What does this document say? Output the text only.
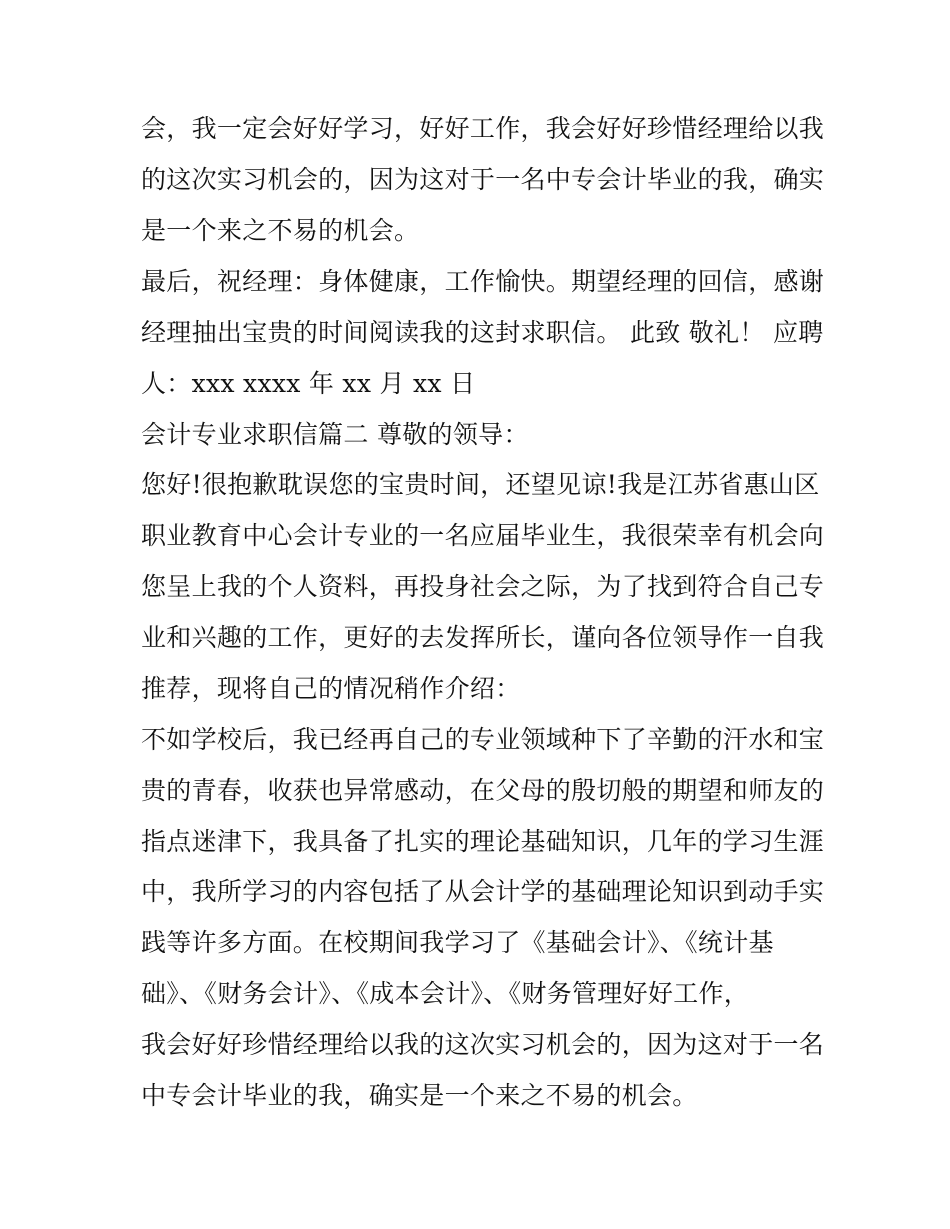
会，我一定会好好学习，好好工作，我会好好珍惜经理给以我
的这次实习机会的，因为这对于一名中专会计毕业的我，确实
是一个来之不易的机会。
最后，祝经理：身体健康，工作愉快。期望经理的回信，感谢
经理抽出宝贵的时间阅读我的这封求职信。 此致 敬礼！ 应聘
人：xxx xxxx 年 xx 月 xx 日
会计专业求职信篇二 尊敬的领导：
您好!很抱歉耽误您的宝贵时间，还望见谅!我是江苏省惠山区
职业教育中心会计专业的一名应届毕业生，我很荣幸有机会向
您呈上我的个人资料，再投身社会之际，为了找到符合自己专
业和兴趣的工作，更好的去发挥所长，谨向各位领导作一自我
推荐，现将自己的情况稍作介绍：
不如学校后，我已经再自己的专业领域种下了辛勤的汗水和宝
贵的青春，收获也异常感动，在父母的殷切般的期望和师友的
指点迷津下，我具备了扎实的理论基础知识，几年的学习生涯
中，我所学习的内容包括了从会计学的基础理论知识到动手实
践等许多方面。在校期间我学习了《基础会计》、《统计基
础》、《财务会计》、《成本会计》、《财务管理好好工作，
我会好好珍惜经理给以我的这次实习机会的，因为这对于一名
中专会计毕业的我，确实是一个来之不易的机会。
